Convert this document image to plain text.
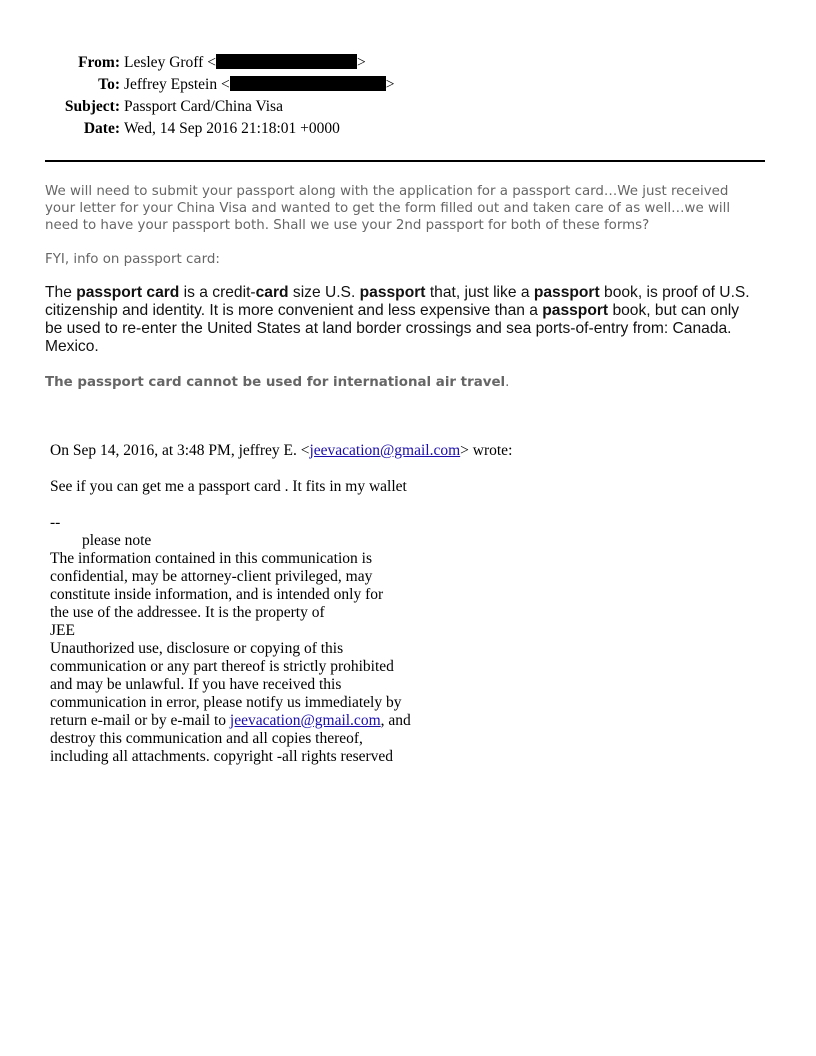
From: Lesley Groff <	>
To: Jeffrey Epstein <	>
Subject: Passport Card/China Visa
Date: Wed, 14 Sep 2016 21:18:01 +0000
We will need to submit your passport along with the application for a passport card…We just received
your letter for your China Visa and wanted to get the form filled out and taken care of as well…we will
need to have your passport both. Shall we use your 2nd passport for both of these forms?
FYI, info on passport card:
The passport card is a credit-card size U.S. passport that, just like a passport book, is proof of U.S.
citizenship and identity. It is more convenient and less expensive than a passport book, but can only
be used to re-enter the United States at land border crossings and sea ports-of-entry from: Canada.
Mexico.
The passport card cannot be used for international air travel.
On Sep 14, 2016, at 3:48 PM, jeffrey E. <jeevacation@gmail.com> wrote:
See if you can get me a passport card . It fits in my wallet
--
please note
The information contained in this communication is
confidential, may be attorney-client privileged, may
constitute inside information, and is intended only for
the use of the addressee. It is the property of
JEE
Unauthorized use, disclosure or copying of this
communication or any part thereof is strictly prohibited
and may be unlawful. If you have received this
communication in error, please notify us immediately by
return e-mail or by e-mail to jeevacation@gmail.com, and
destroy this communication and all copies thereof,
including all attachments. copyright -all rights reserved
